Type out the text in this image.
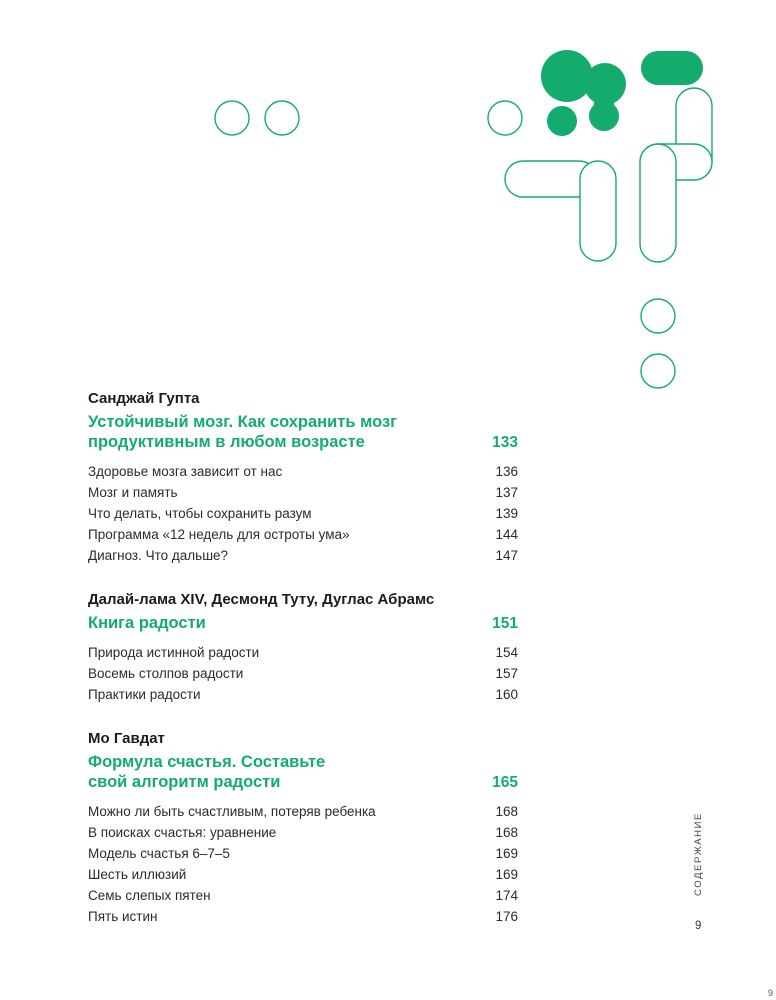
Санджай Гупта
Устойчивый мозг. Как сохранить мозг
продуктивным в любом возрасте	133
Здоровье мозга зависит от нас	136
Мозг и память	137
Что делать, чтобы сохранить разум	139
Программа «12 недель для остроты ума»	144
Диагноз. Что дальше?	147
Далай-лама XIV, Десмонд Туту, Дуглас Абрамс
Книга радости	151
Природа истинной радости	154
Восемь столпов радости	157
Практики радости	160
Мо Гавдат
Формула счастья. Составьте
свой алгоритм радости	165
Можно ли быть счастливым, потеряв ребенка	168
В поисках счастья: уравнение	168
Модель счастья 6–7–5	169
Шесть иллюзий	169
Семь слепых пятен	174
Пять истин	176
СОДЕРЖАНИЕ
9
9
